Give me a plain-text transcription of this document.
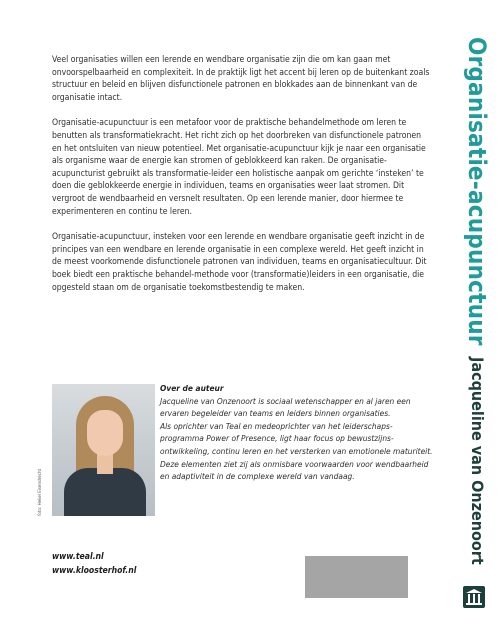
Veel organisaties willen een lerende en wendbare organisatie zijn die om kan gaan met onvoorspelbaarheid en complexiteit. In de praktijk ligt het accent bij leren op de buitenkant zoals structuur en beleid en blijven disfunctionele patronen en blokkades aan de binnenkant van de organisatie intact.

Organisatie-acupunctuur is een metafoor voor de praktische behandelmethode om leren te benutten als transformatiekracht. Het richt zich op het doorbreken van disfunctionele patronen en het ontsluiten van nieuw potentieel. Met organisatie-acupunctuur kijk je naar een organisatie als organisme waar de energie kan stromen of geblokkeerd kan raken. De organisatie-acupuncturist gebruikt als transformatie-leider een holistische aanpak om gerichte ‘insteken’ te doen die geblokkeerde energie in individuen, teams en organisaties weer laat stromen. Dit vergroot de wendbaarheid en versnelt resultaten. Op een lerende manier, door hiermee te experimenteren en continu te leren.

Organisatie-acupunctuur, insteken voor een lerende en wendbare organisatie geeft inzicht in de principes van een wendbare en lerende organisatie in een complexe wereld. Het geeft inzicht in de meest voorkomende disfunctionele patronen van individuen, teams en organisatiecultuur. Dit boek biedt een praktische behandel-methode voor (transformatie)leiders in een organisatie, die opgesteld staan om de organisatie toekomstbestendig te maken.

foto: Hekel Eisendrecht

Over de auteur

Jacqueline van Onzenoort is sociaal wetenschapper en al jaren een ervaren begeleider van teams en leiders binnen organisaties.

Als oprichter van Teal en medeoprichter van het leiderschaps-programma Power of Presence, ligt haar focus op bewustzijns-ontwikkeling, continu leren en het versterken van emotionele maturiteit. Deze elementen ziet zij als onmisbare voorwaarden voor wendbaarheid en adaptiviteit in de complexe wereld van vandaag.

www.teal.nl
www.kloosterhof.nl
Organisatie-acupunctuur
Jacqueline van Onzenoort
